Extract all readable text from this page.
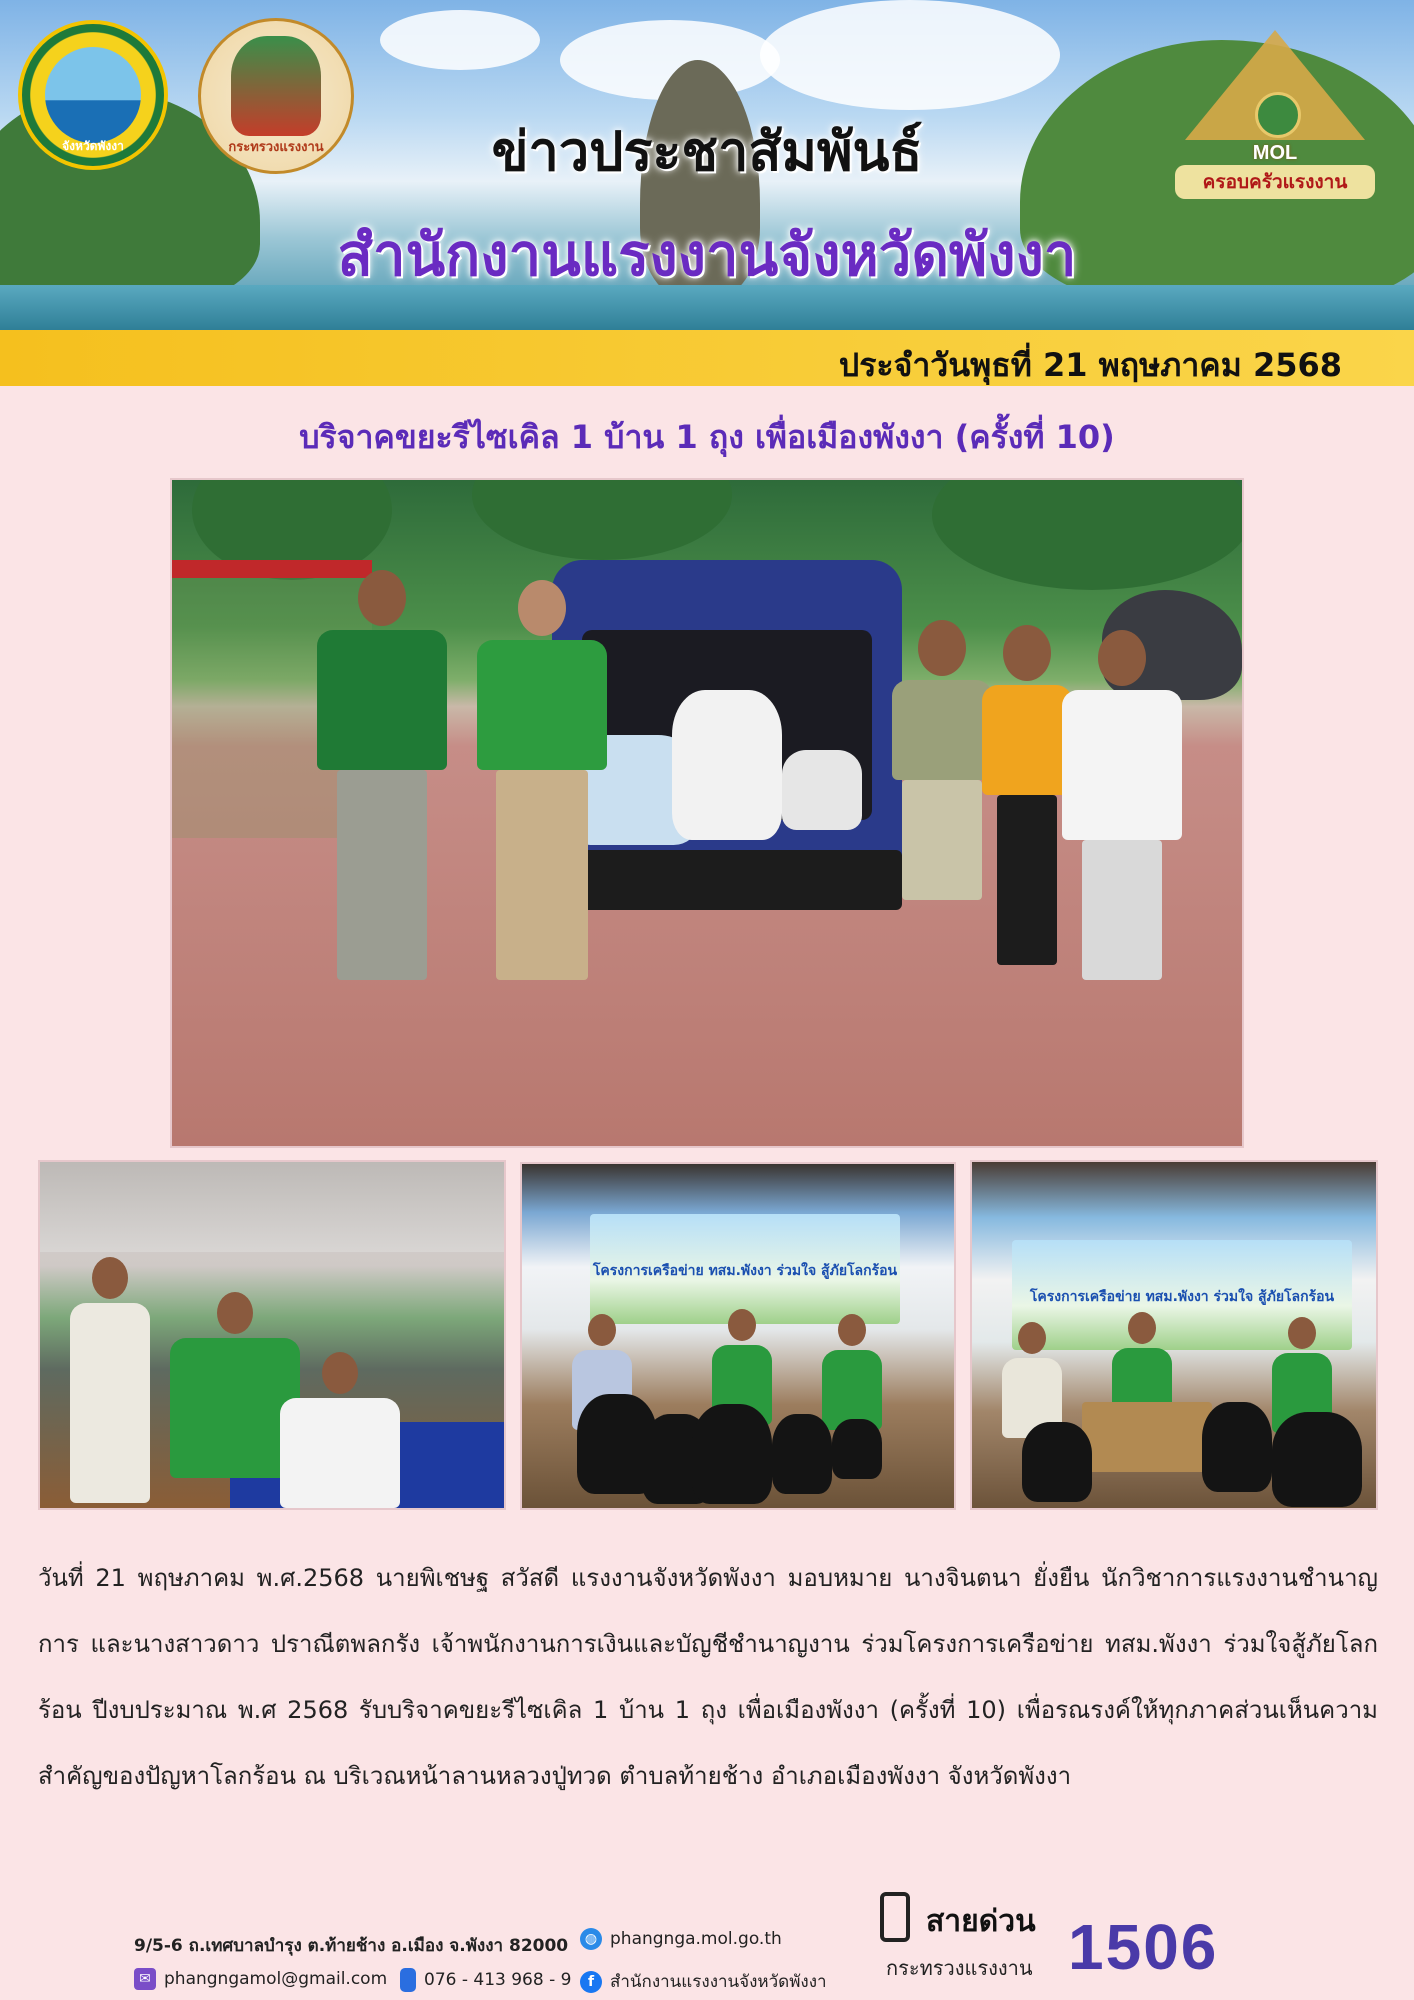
จังหวัดพังงา	กระทรวงแรงงาน	MOL
ครอบครัวแรงงาน
ข่าวประชาสัมพันธ์
สำนักงานแรงงานจังหวัดพังงา
ประจำวันพุธที่ 21 พฤษภาคม 2568
บริจาคขยะรีไซเคิล 1 บ้าน 1 ถุง เพื่อเมืองพังงา (ครั้งที่ 10)
โครงการเครือข่าย ทสม.พังงา ร่วมใจ สู้ภัยโลกร้อน
โครงการเครือข่าย ทสม.พังงา ร่วมใจ สู้ภัยโลกร้อน
วันที่ 21 พฤษภาคม พ.ศ.2568 นายพิเชษฐ สวัสดี แรงงานจังหวัดพังงา มอบหมาย นางจินตนา ยั่งยืน นักวิชาการแรงงานชำนาญการ และนางสาวดาว ปราณีตพลกรัง เจ้าพนักงานการเงินและบัญชีชำนาญงาน ร่วมโครงการเครือข่าย ทสม.พังงา ร่วมใจสู้ภัยโลกร้อน ปีงบประมาณ พ.ศ 2568 รับบริจาคขยะรีไซเคิล 1 บ้าน 1 ถุง เพื่อเมืองพังงา (ครั้งที่ 10) เพื่อรณรงค์ให้ทุกภาคส่วนเห็นความสำคัญของปัญหาโลกร้อน ณ บริเวณหน้าลานหลวงปู่ทวด ตำบลท้ายช้าง อำเภอเมืองพังงา จังหวัดพังงา
9/5-6 ถ.เทศบาลบำรุง ต.ท้ายช้าง อ.เมือง จ.พังงา 82000
✉ phangngamol@gmail.com	076 - 413 968 - 9
◍ phangnga.mol.go.th
f สำนักงานแรงงานจังหวัดพังงา
สายด่วน
กระทรวงแรงงาน 1506
